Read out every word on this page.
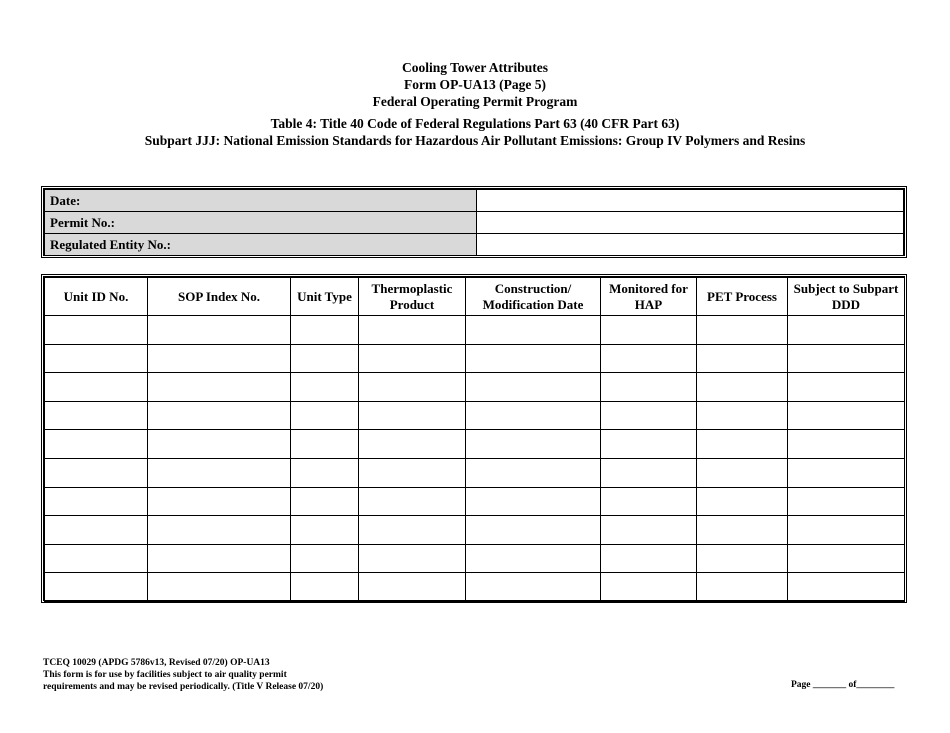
Cooling Tower Attributes
Form OP-UA13 (Page 5)
Federal Operating Permit Program
Table 4: Title 40 Code of Federal Regulations Part 63 (40 CFR Part 63)
Subpart JJJ: National Emission Standards for Hazardous Air Pollutant Emissions: Group IV Polymers and Resins
Date:	
Permit No.:	
Regulated Entity No.:	
Unit ID No.	SOP Index No.	Unit Type	Thermoplastic Product	Construction/ Modification Date	Monitored for HAP	PET Process	Subject to Subpart DDD

TCEQ 10029 (APDG 5786v13, Revised 07/20) OP-UA13
This form is for use by facilities subject to air quality permit
requirements and may be revised periodically. (Title V Release 07/20)	Page _______ of________
